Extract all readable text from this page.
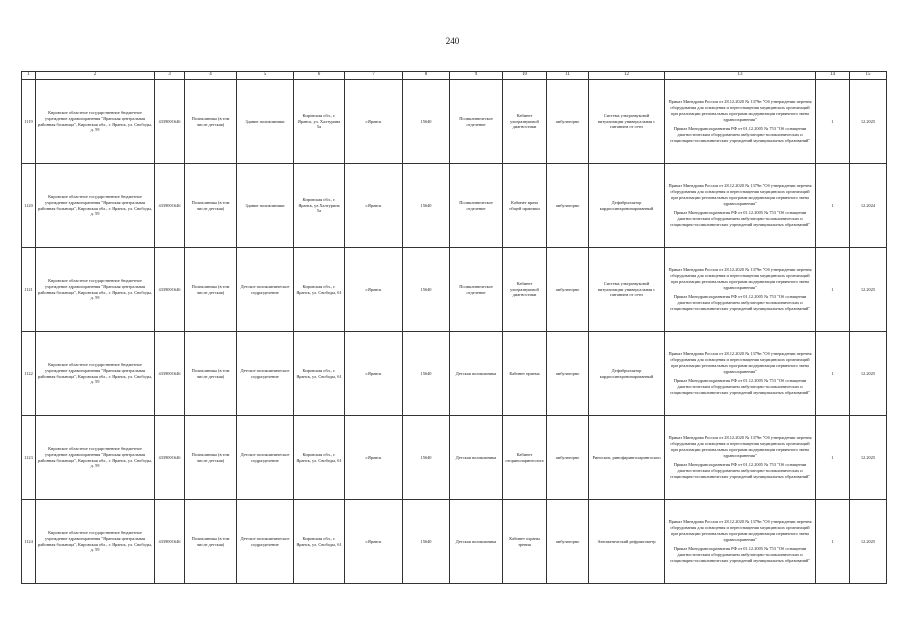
240
1	2	3	4	5	6	7	8	9	10	11	12	13	14	15
1119	Кировское областное государственное бюджетное учреждение здравоохранения "Яранская центральная районная больница", Кировская обл., г. Яранск, ул. Свободы, д. 59	4339001646	Поликлиника (в том числе детская)	Здание поликлиники	Кировская обл., г. Яранск, ул. Халтурина 5а	г.Яранск	15640	Поликлиническое отделение	Кабинет ультразвуковой диагностики	амбулаторно	Система ультразвуковой визуализации универсальная с питанием от сети	Приказ Минздрава России от 28.12.2020 № 1379н "Об утверждении перечня оборудования для оснащения и переоснащения медицинских организаций при реализации региональных программ модернизации первичного звена здравоохранения"

Приказ Минздравсоцразвития РФ от 01.12.2005 № 753 "Об оснащении диагностическим оборудованием амбулаторно-поликлинических и стационарно-поликлинических учреждений муниципальных образований"	1	12.2025
1120	Кировское областное государственное бюджетное учреждение здравоохранения "Яранская центральная районная больница", Кировская обл., г. Яранск, ул. Свободы, д. 59	4339001646	Поликлиника (в том числе детская)	Здание поликлиники	Кировская обл., г. Яранск, ул.Халтурина 5а	г.Яранск	15640	Поликлиническое отделение	Кабинет врача общей практики	амбулаторно	Дефибриллятор кардиосинхронизированный	Приказ Минздрава России от 28.12.2020 № 1379н "Об утверждении перечня оборудования для оснащения и переоснащения медицинских организаций при реализации региональных программ модернизации первичного звена здравоохранения"

Приказ Минздравсоцразвития РФ от 01.12.2005 № 753 "Об оснащении диагностическим оборудованием амбулаторно-поликлинических и стационарно-поликлинических учреждений муниципальных образований"	1	12.2024
1121	Кировское областное государственное бюджетное учреждение здравоохранения "Яранская центральная районная больница", Кировская обл., г. Яранск, ул. Свободы, д. 59	4339001646	Поликлиника (в том числе детская)	Детское поликлиническое подразделение	Кировская обл., г. Яранск, ул. Свободы, 61	г.Яранск	15640	Поликлиническое отделение	Кабинет ультразвуковой диагностики	амбулаторно	Система ультразвуковой визуализации универсальная с питанием от сети	Приказ Минздрава России от 28.12.2020 № 1379н "Об утверждении перечня оборудования для оснащения и переоснащения медицинских организаций при реализации региональных программ модернизации первичного звена здравоохранения"

Приказ Минздравсоцразвития РФ от 01.12.2005 № 753 "Об оснащении диагностическим оборудованием амбулаторно-поликлинических и стационарно-поликлинических учреждений муниципальных образований"	1	12.2025
1122	Кировское областное государственное бюджетное учреждение здравоохранения "Яранская центральная районная больница", Кировская обл., г. Яранск, ул. Свободы, д. 59	4339001646	Поликлиника (в том числе детская)	Детское поликлиническое подразделение	Кировская обл., г. Яранск, ул. Свободы, 61	г.Яранск	15640	Детская поликлиника	Кабинет приема	амбулаторно	Дефибриллятор кардиосинхронизированный	Приказ Минздрава России от 28.12.2020 № 1379н "Об утверждении перечня оборудования для оснащения и переоснащения медицинских организаций при реализации региональных программ модернизации первичного звена здравоохранения"

Приказ Минздравсоцразвития РФ от 01.12.2005 № 753 "Об оснащении диагностическим оборудованием амбулаторно-поликлинических и стационарно-поликлинических учреждений муниципальных образований"	1	12.2025
1123	Кировское областное государственное бюджетное учреждение здравоохранения "Яранская центральная районная больница", Кировская обл., г. Яранск, ул. Свободы, д. 59	4339001646	Поликлиника (в том числе детская)	Детское поликлиническое подразделение	Кировская обл., г. Яранск, ул. Свободы, 61	г.Яранск	15640	Детская поликлиника	Кабинет оториноларинголога	амбулаторно	Риноскоп, ринофаринголарингоскоп	Приказ Минздрава России от 28.12.2020 № 1379н "Об утверждении перечня оборудования для оснащения и переоснащения медицинских организаций при реализации региональных программ модернизации первичного звена здравоохранения"

Приказ Минздравсоцразвития РФ от 01.12.2005 № 753 "Об оснащении диагностическим оборудованием амбулаторно-поликлинических и стационарно-поликлинических учреждений муниципальных образований"	1	12.2025
1124	Кировское областное государственное бюджетное учреждение здравоохранения "Яранская центральная районная больница", Кировская обл., г. Яранск, ул. Свободы, д. 59	4339001646	Поликлиника (в том числе детская)	Детское поликлиническое подразделение	Кировская обл., г. Яранск, ул. Свободы, 61	г.Яранск	15640	Детская поликлиника	Кабинет охраны зрения	амбулаторно	Автоматический рефрактометр	Приказ Минздрава России от 28.12.2020 № 1379н "Об утверждении перечня оборудования для оснащения и переоснащения медицинских организаций при реализации региональных программ модернизации первичного звена здравоохранения"

Приказ Минздравсоцразвития РФ от 01.12.2005 № 753 "Об оснащении диагностическим оборудованием амбулаторно-поликлинических и стационарно-поликлинических учреждений муниципальных образований"	1	12.2025
